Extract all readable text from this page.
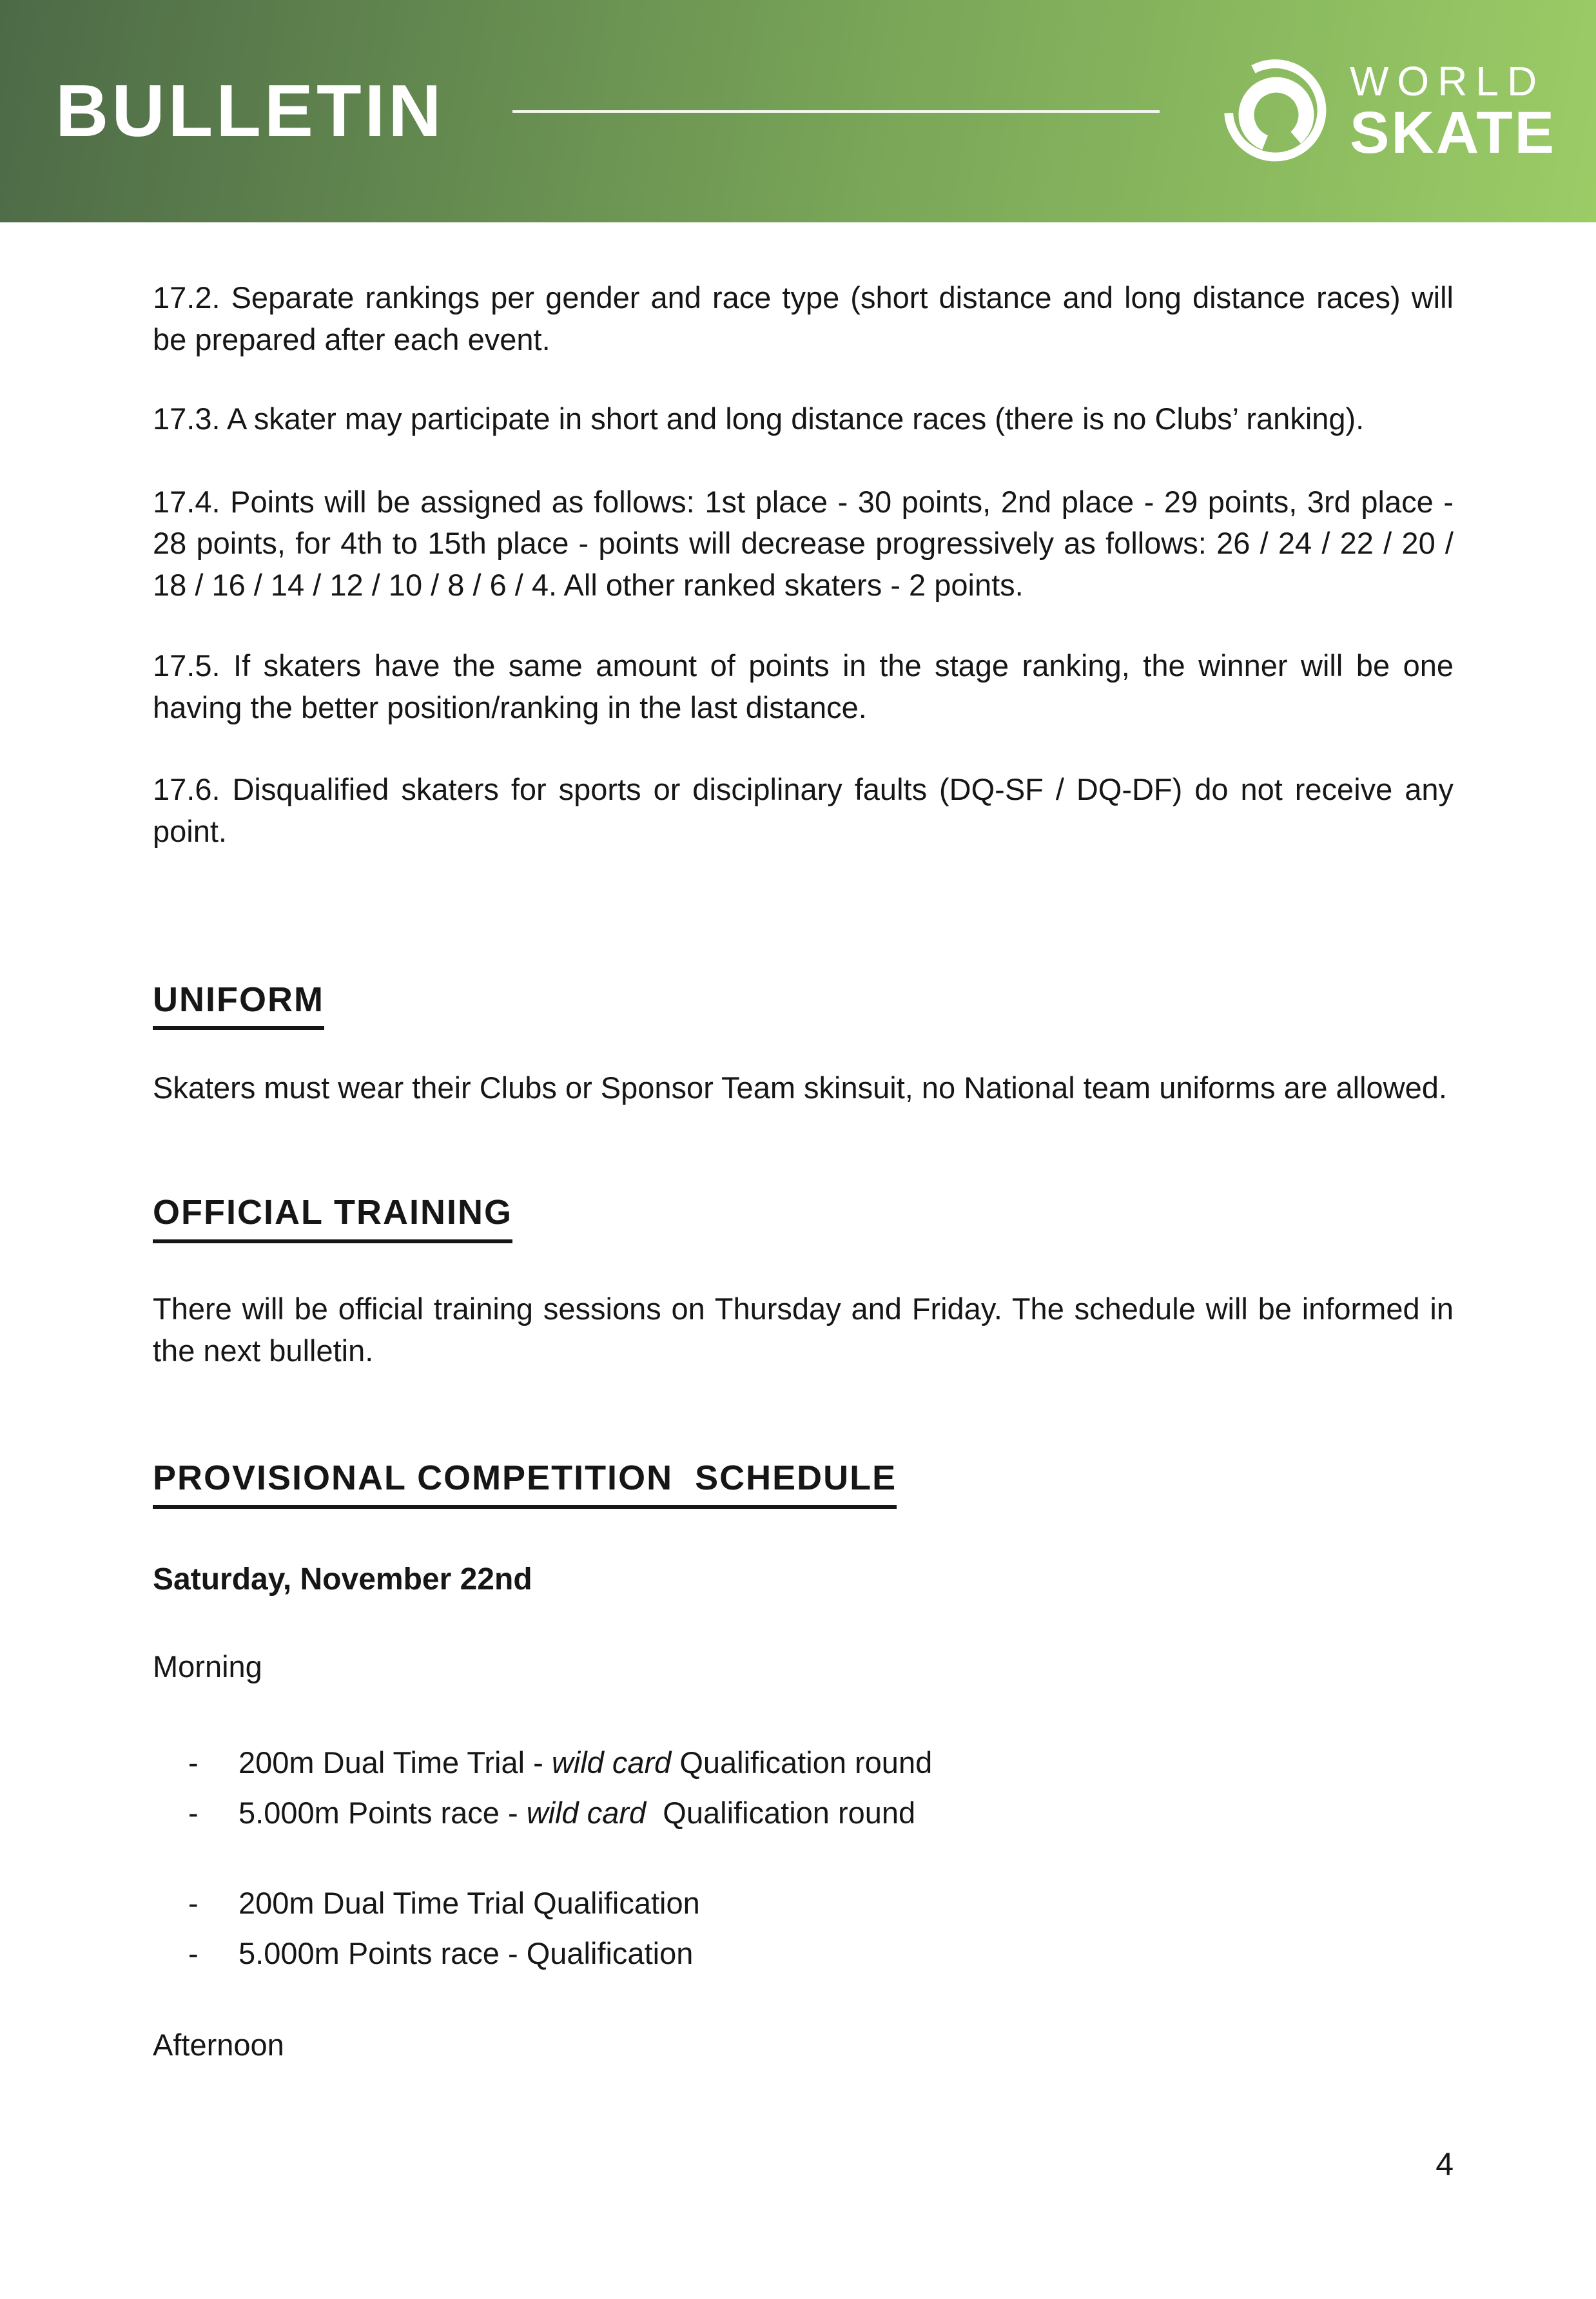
BULLETIN	WORLD
SKATE

17.2. Separate rankings per gender and race type (short distance and long distance races) will be prepared after each event.

17.3. A skater may participate in short and long distance races (there is no Clubs’ ranking).

17.4. Points will be assigned as follows: 1st place - 30 points, 2nd place - 29 points, 3rd place - 28 points, for 4th to 15th place - points will decrease progressively as follows: 26 / 24 / 22 / 20 / 18 / 16 / 14 / 12 / 10 / 8 / 6 / 4. All other ranked skaters - 2 points.

17.5. If skaters have the same amount of points in the stage ranking, the winner will be one having the better position/ranking in the last distance.

17.6. Disqualified skaters for sports or disciplinary faults (DQ-SF / DQ-DF) do not receive any point.

UNIFORM

Skaters must wear their Clubs or Sponsor Team skinsuit, no National team uniforms are allowed.

OFFICIAL TRAINING

There will be official training sessions on Thursday and Friday. The schedule will be informed in the next bulletin.

PROVISIONAL COMPETITION  SCHEDULE

Saturday, November 22nd

Morning

-	200m Dual Time Trial - wild card Qualification round
-	5.000m Points race - wild card  Qualification round
-	200m Dual Time Trial Qualification
-	5.000m Points race - Qualification

Afternoon

4
